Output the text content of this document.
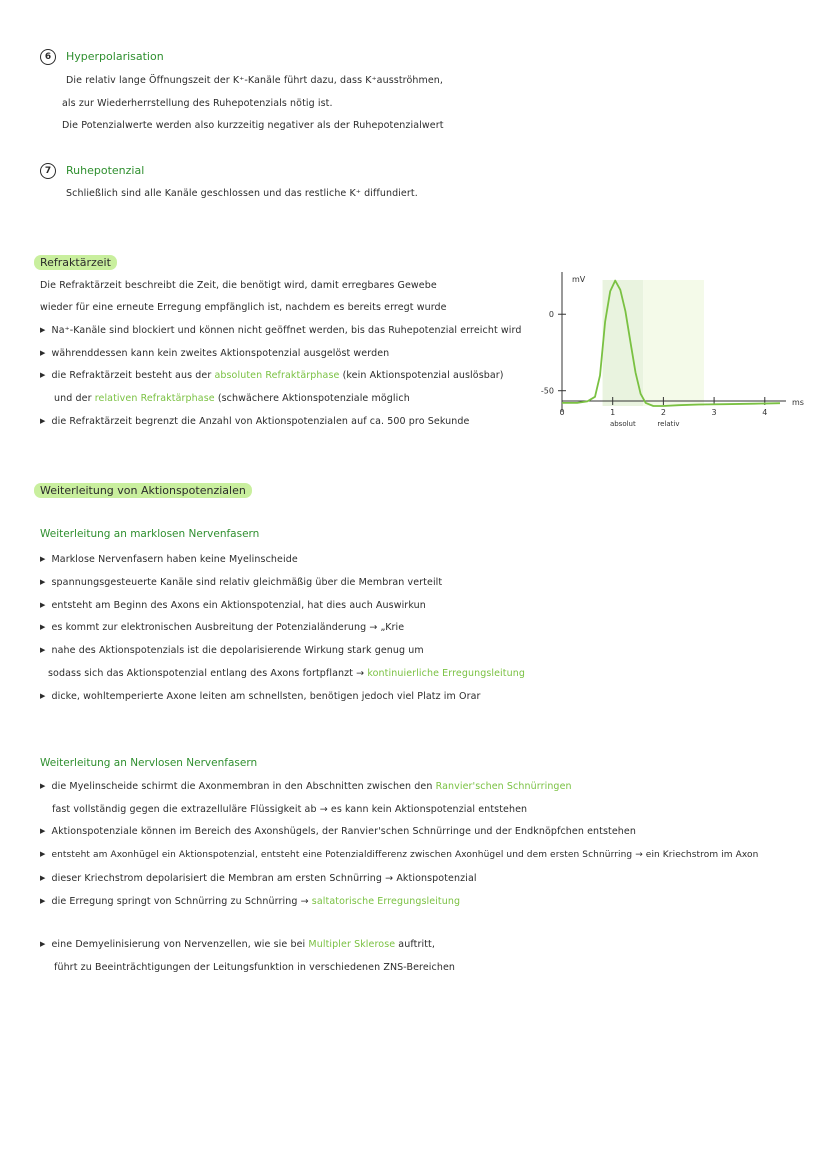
6	Hyperpolarisation
Die relativ lange Öffnungszeit der K⁺-Kanäle führt dazu, dass K⁺ausströhmen,
als zur Wiederherrstellung des Ruhepotenzials nötig ist.
Die Potenzialwerte werden also kurzzeitig negativer als der Ruhepotenzialwert
7	Ruhepotenzial
Schließlich sind alle Kanäle geschlossen und das restliche K⁺ diffundiert.
Refraktärzeit
Die Refraktärzeit beschreibt die Zeit, die benötigt wird, damit erregbares Gewebe
wieder für eine erneute Erregung empfänglich ist, nachdem es bereits erregt wurde
▶ Na⁺-Kanäle sind blockiert und können nicht geöffnet werden, bis das Ruhepotenzial erreicht wird
▶ währenddessen kann kein zweites Aktionspotenzial ausgelöst werden
▶ die Refraktärzeit besteht aus der absoluten Refraktärphase (kein Aktionspotenzial auslösbar)
und der relativen Refraktärphase (schwächere Aktionspotenziale möglich
▶ die Refraktärzeit begrenzt die Anzahl von Aktionspotenzialen auf ca. 500 pro Sekunde
mV
ms
0
-50
0	1	2	3	4
absolut	relativ
Weiterleitung von Aktionspotenzialen
Weiterleitung an marklosen Nervenfasern
▶ Marklose Nervenfasern haben keine Myelinscheide
▶ spannungsgesteuerte Kanäle sind relativ gleichmäßig über die Membran verteilt
▶ entsteht am Beginn des Axons ein Aktionspotenzial, hat dies auch Auswirkun
▶ es kommt zur elektronischen Ausbreitung der Potenzialänderung → „Krie
▶ nahe des Aktionspotenzials ist die depolarisierende Wirkung stark genug um
sodass sich das Aktionspotenzial entlang des Axons fortpflanzt → kontinuierliche Erregungsleitung
▶ dicke, wohltemperierte Axone leiten am schnellsten, benötigen jedoch viel Platz im Orar
Weiterleitung an Nervlosen Nervenfasern
▶ die Myelinscheide schirmt die Axonmembran in den Abschnitten zwischen den Ranvier'schen Schnürringen
fast vollständig gegen die extrazelluläre Flüssigkeit ab → es kann kein Aktionspotenzial entstehen
▶ Aktionspotenziale können im Bereich des Axonshügels, der Ranvier'schen Schnürringe und der Endknöpfchen entstehen
▶ entsteht am Axonhügel ein Aktionspotenzial, entsteht eine Potenzialdifferenz zwischen Axonhügel und dem ersten Schnürring → ein Kriechstrom im Axon
▶ dieser Kriechstrom depolarisiert die Membran am ersten Schnürring → Aktionspotenzial
▶ die Erregung springt von Schnürring zu Schnürring → saltatorische Erregungsleitung
▶ eine Demyelinisierung von Nervenzellen, wie sie bei Multipler Sklerose auftritt,
führt zu Beeinträchtigungen der Leitungsfunktion in verschiedenen ZNS-Bereichen
